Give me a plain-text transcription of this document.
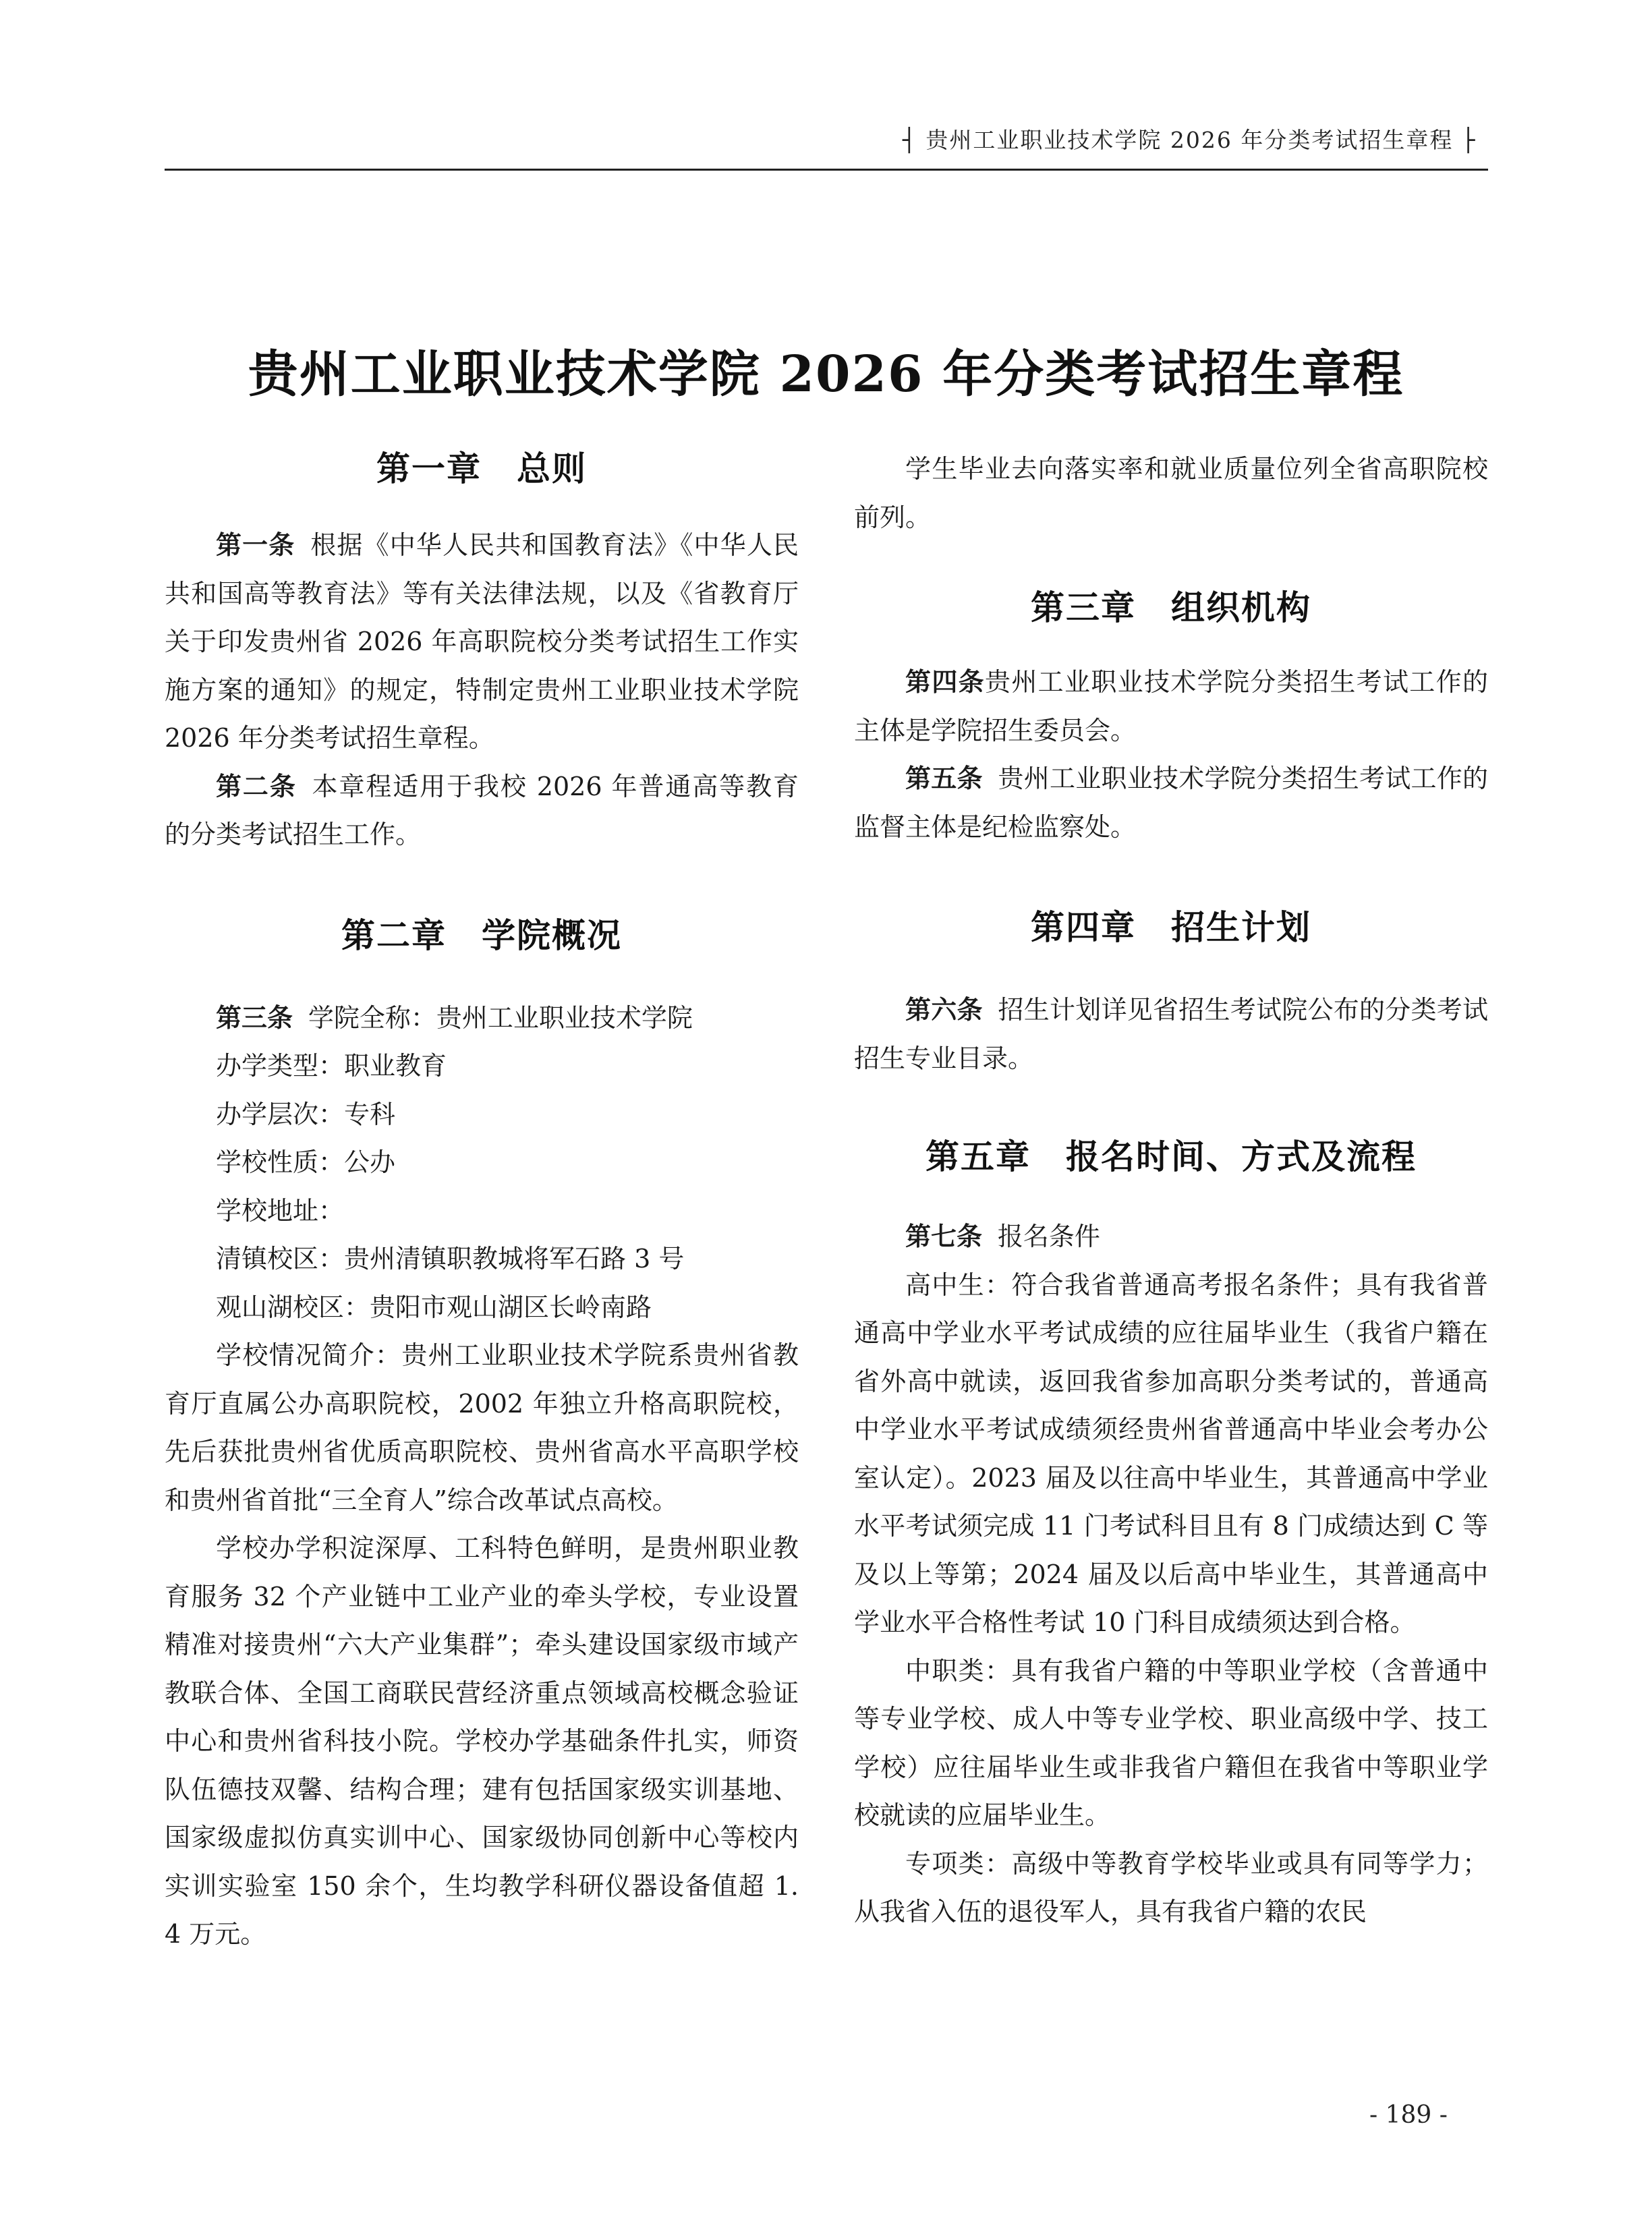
┤ 贵州工业职业技术学院 2026 年分类考试招生章程 ├
贵州工业职业技术学院 2026 年分类考试招生章程
第一章　总则

第一条 根据《中华人民共和国教育法》《中华人民共和国高等教育法》等有关法律法规，以及《省教育厅关于印发贵州省 2026 年高职院校分类考试招生工作实施方案的通知》的规定，特制定贵州工业职业技术学院 2026 年分类考试招生章程。

第二条 本章程适用于我校 2026 年普通高等教育的分类考试招生工作。

第二章　学院概况

第三条 学院全称：贵州工业职业技术学院

办学类型：职业教育

办学层次：专科

学校性质：公办

学校地址：

清镇校区：贵州清镇职教城将军石路 3 号

观山湖校区：贵阳市观山湖区长岭南路

学校情况简介：贵州工业职业技术学院系贵州省教育厅直属公办高职院校，2002 年独立升格高职院校，先后获批贵州省优质高职院校、贵州省高水平高职学校和贵州省首批“三全育人”综合改革试点高校。

学校办学积淀深厚、工科特色鲜明，是贵州职业教育服务 32 个产业链中工业产业的牵头学校，专业设置精准对接贵州“六大产业集群”；牵头建设国家级市域产教联合体、全国工商联民营经济重点领域高校概念验证中心和贵州省科技小院。学校办学基础条件扎实，师资队伍德技双馨、结构合理；建有包括国家级实训基地、国家级虚拟仿真实训中心、国家级协同创新中心等校内实训实验室 150 余个，生均教学科研仪器设备值超 1. 4 万元。

学生毕业去向落实率和就业质量位列全省高职院校前列。

第三章　组织机构

第四条贵州工业职业技术学院分类招生考试工作的主体是学院招生委员会。

第五条 贵州工业职业技术学院分类招生考试工作的监督主体是纪检监察处。

第四章　招生计划

第六条 招生计划详见省招生考试院公布的分类考试招生专业目录。

第五章　报名时间、方式及流程

第七条 报名条件

高中生：符合我省普通高考报名条件；具有我省普通高中学业水平考试成绩的应往届毕业生（我省户籍在省外高中就读，返回我省参加高职分类考试的，普通高中学业水平考试成绩须经贵州省普通高中毕业会考办公室认定）。2023 届及以往高中毕业生，其普通高中学业水平考试须完成 11 门考试科目且有 8 门成绩达到 C 等及以上等第；2024 届及以后高中毕业生，其普通高中学业水平合格性考试 10 门科目成绩须达到合格。

中职类：具有我省户籍的中等职业学校（含普通中等专业学校、成人中等专业学校、职业高级中学、技工学校）应往届毕业生或非我省户籍但在我省中等职业学校就读的应届毕业生。

专项类：高级中等教育学校毕业或具有同等学力；从我省入伍的退役军人，具有我省户籍的农民

- 189 -
